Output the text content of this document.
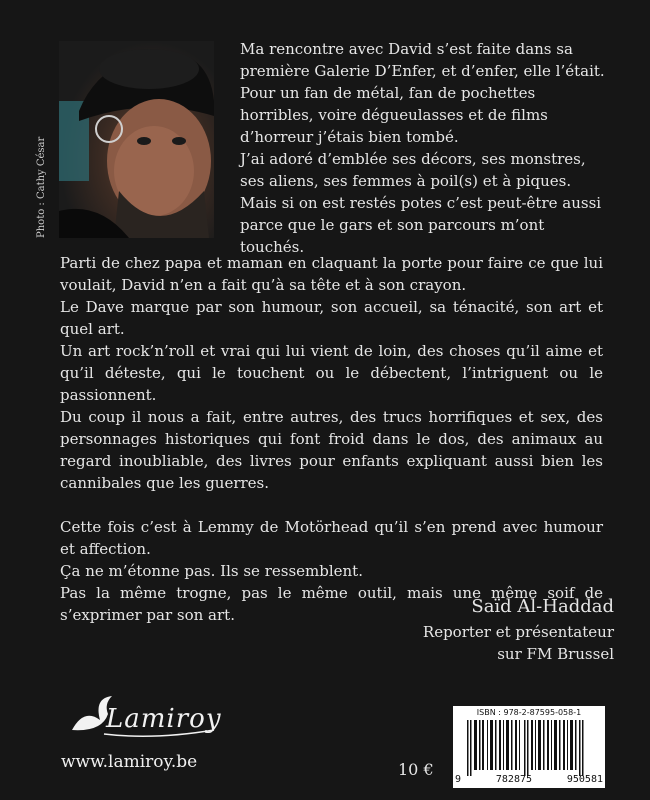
Photo : Cathy César

Ma rencontre avec David s’est faite dans sa première Galerie D’Enfer, et d’enfer, elle l’était.

Pour un fan de métal, fan de pochettes horribles, voire dégueulasses et de films d’horreur j’étais bien tombé.

J’ai adoré d’emblée ses décors, ses monstres, ses aliens, ses femmes à poil(s) et à piques.

Mais si on est restés potes c’est peut-être aussi parce que le gars et son parcours m’ont touchés.

Parti de chez papa et maman en claquant la porte pour faire ce que lui voulait, David n’en a fait qu’à sa tête et à son crayon.

Le Dave marque par son humour, son accueil, sa ténacité, son art et quel art.

Un art rock’n’roll et vrai qui lui vient de loin, des choses qu’il aime et qu’il déteste, qui le touchent ou le débectent, l’intriguent ou le passionnent.

Du coup il nous a fait, entre autres, des trucs horrifiques et sex, des personnages historiques qui font froid dans le dos, des animaux au regard inoubliable, des livres pour enfants expliquant aussi bien les cannibales que les guerres.

Cette fois c’est à Lemmy de Motörhead qu’il s’en prend avec humour et affection.

Ça ne m’étonne pas. Ils se ressemblent.

Pas la même trogne, pas le même outil, mais une même soif de s’exprimer par son art.	Saïd Al-Haddad
Reporter et présentateur
sur FM Brussel
Lamiroy
www.lamiroy.be	10 €
ISBN : 978-2-87595-058-1
9	782875	950581
